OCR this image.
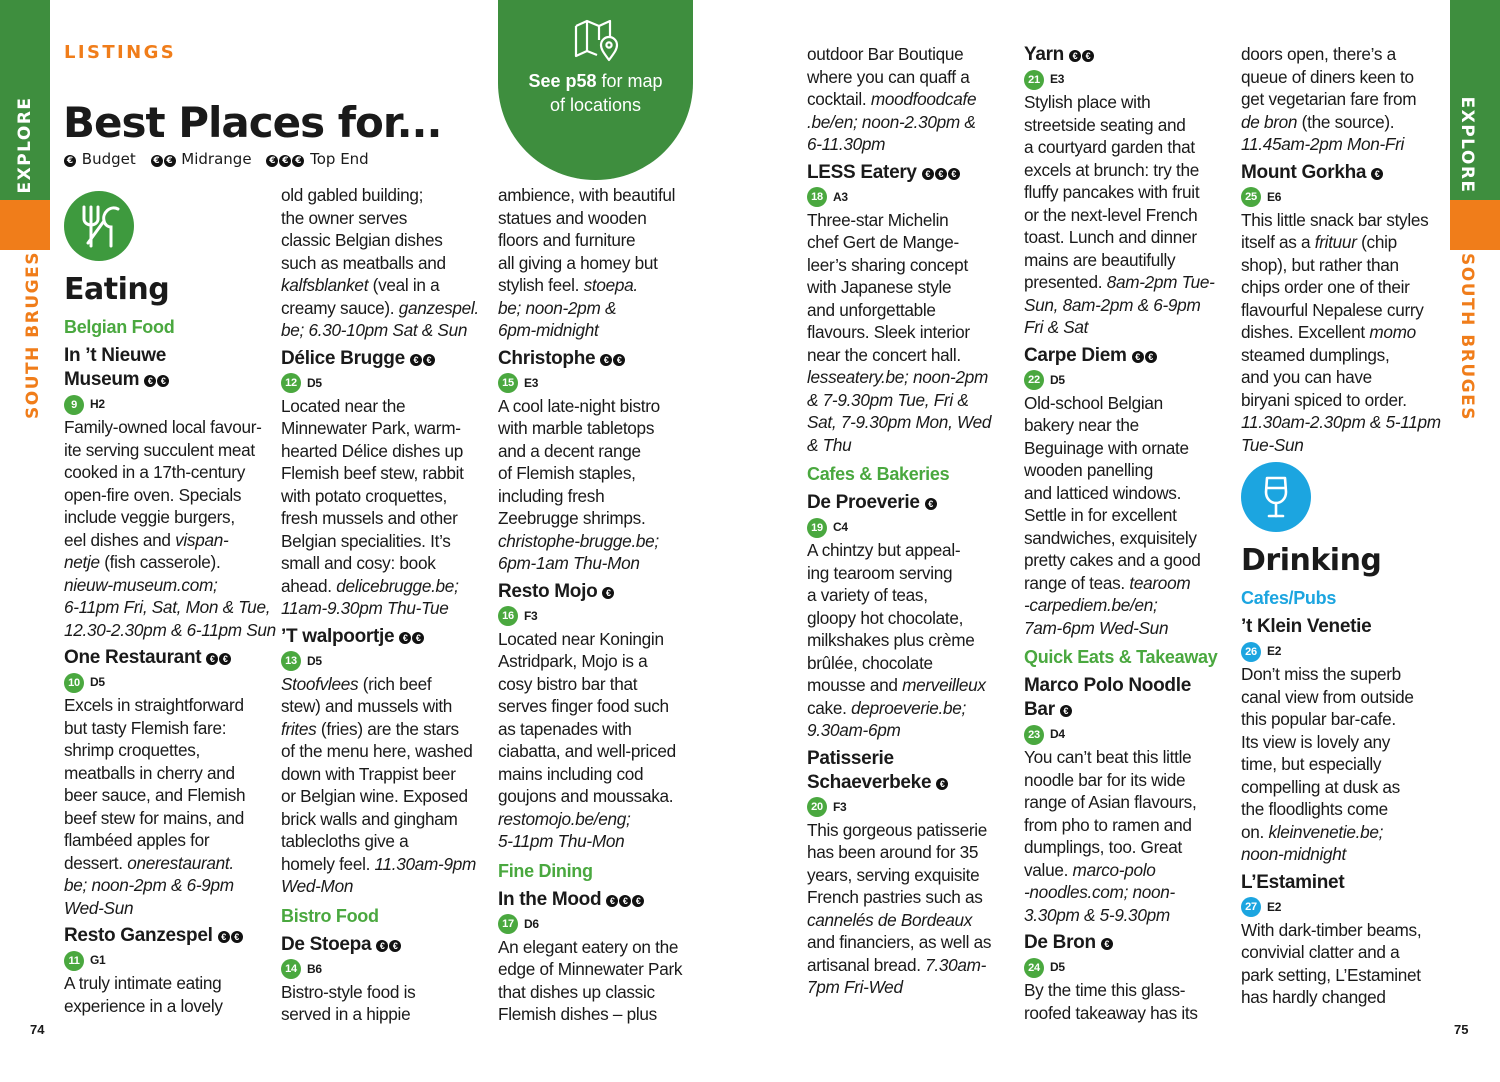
EXPLORE
SOUTH BRUGES
74
EXPLORE
SOUTH BRUGES
75
LISTINGS
Best Places for...
€ Budget € € Midrange € € € Top End
See p58 for map
of locations
Eating
Belgian Food
In ’t Nieuwe
Museum € €
9 H2

Family-owned local favour-
ite serving succulent meat
cooked in a 17th-century
open-fire oven. Specials
include veggie burgers,
eel dishes and vispan-
netje (fish casserole).
nieuw-museum.com;
6-11pm Fri, Sat, Mon & Tue,
12.30-2.30pm & 6-11pm Sun

One Restaurant € €
10 D5

Excels in straightforward
but tasty Flemish fare:
shrimp croquettes,
meatballs in cherry and
beer sauce, and Flemish
beef stew for mains, and
flambéed apples for
dessert. onerestaurant.
be; noon-2pm & 6-9pm
Wed-Sun

Resto Ganzespel € €
11 G1

A truly intimate eating
experience in a lovely

old gabled building;
the owner serves
classic Belgian dishes
such as meatballs and
kalfsblanket (veal in a
creamy sauce). ganzespel.
be; 6.30-10pm Sat & Sun

Délice Brugge € €
12 D5

Located near the
Minnewater Park, warm-
hearted Délice dishes up
Flemish beef stew, rabbit
with potato croquettes,
fresh mussels and other
Belgian specialities. It’s
small and cosy: book
ahead. delicebrugge.be;
11am-9.30pm Thu-Tue

’T walpoortje € €
13 D5

Stoofvlees (rich beef
stew) and mussels with
frites (fries) are the stars
of the menu here, washed
down with Trappist beer
or Belgian wine. Exposed
brick walls and gingham
tablecloths give a
homely feel. 11.30am-9pm
Wed-Mon

Bistro Food
De Stoepa € €
14 B6

Bistro-style food is
served in a hippie

ambience, with beautiful
statues and wooden
floors and furniture
all giving a homey but
stylish feel. stoepa.
be; noon-2pm &
6pm-midnight

Christophe € €
15 E3

A cool late-night bistro
with marble tabletops
and a decent range
of Flemish staples,
including fresh
Zeebrugge shrimps.
christophe-brugge.be;
6pm-1am Thu-Mon

Resto Mojo €
16 F3

Located near Koningin
Astridpark, Mojo is a
cosy bistro bar that
serves finger food such
as tapenades with
ciabatta, and well-priced
mains including cod
goujons and moussaka.
restomojo.be/eng;
5-11pm Thu-Mon

Fine Dining
In the Mood € € €
17 D6

An elegant eatery on the
edge of Minnewater Park
that dishes up classic
Flemish dishes – plus

outdoor Bar Boutique
where you can quaff a
cocktail. moodfoodcafe
.be/en; noon-2.30pm &
6-11.30pm

LESS Eatery € € €
18 A3

Three-star Michelin
chef Gert de Mange-
leer’s sharing concept
with Japanese style
and unforgettable
flavours. Sleek interior
near the concert hall.
lesseatery.be; noon-2pm
& 7-9.30pm Tue, Fri &
Sat, 7-9.30pm Mon, Wed
& Thu

Cafes & Bakeries
De Proeverie €
19 C4

A chintzy but appeal-
ing tearoom serving
a variety of teas,
gloopy hot chocolate,
milkshakes plus crème
brûlée, chocolate
mousse and merveilleux
cake. deproeverie.be;
9.30am-6pm

Patisserie
Schaeverbeke €
20 F3

This gorgeous patisserie
has been around for 35
years, serving exquisite
French pastries such as
cannelés de Bordeaux
and financiers, as well as
artisanal bread. 7.30am-
7pm Fri-Wed

Yarn € €
21 E3

Stylish place with
streetside seating and
a courtyard garden that
excels at brunch: try the
fluffy pancakes with fruit
or the next-level French
toast. Lunch and dinner
mains are beautifully
presented. 8am-2pm Tue-
Sun, 8am-2pm & 6-9pm
Fri & Sat

Carpe Diem € €
22 D5

Old-school Belgian
bakery near the
Beguinage with ornate
wooden panelling
and latticed windows.
Settle in for excellent
sandwiches, exquisitely
pretty cakes and a good
range of teas. tearoom
-carpediem.be/en;
7am-6pm Wed-Sun

Quick Eats & Takeaway
Marco Polo Noodle
Bar €
23 D4

You can’t beat this little
noodle bar for its wide
range of Asian flavours,
from pho to ramen and
dumplings, too. Great
value. marco-polo
-noodles.com; noon-
3.30pm & 5-9.30pm

De Bron €
24 D5

By the time this glass-
roofed takeaway has its

doors open, there’s a
queue of diners keen to
get vegetarian fare from
de bron (the source).
11.45am-2pm Mon-Fri

Mount Gorkha €
25 E6

This little snack bar styles
itself as a frituur (chip
shop), but rather than
chips order one of their
flavourful Nepalese curry
dishes. Excellent momo
steamed dumplings,
and you can have
biryani spiced to order.
11.30am-2.30pm & 5-11pm
Tue-Sun

Drinking
Cafes/Pubs
’t Klein Venetie
26 E2

Don’t miss the superb
canal view from outside
this popular bar-cafe.
Its view is lovely any
time, but especially
compelling at dusk as
the floodlights come
on. kleinvenetie.be;
noon-midnight

L’Estaminet
27 E2

With dark-timber beams,
convivial clatter and a
park setting, L’Estaminet
has hardly changed
